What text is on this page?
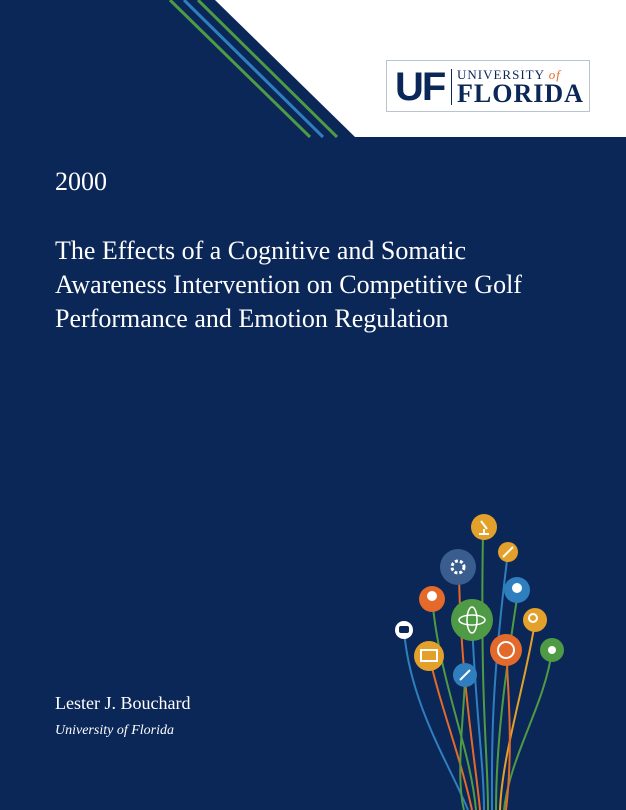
UF UNIVERSITY of
FLORIDA
2000
The Effects of a Cognitive and Somatic Awareness Intervention on Competitive Golf Performance and Emotion Regulation
Lester J. Bouchard
University of Florida
